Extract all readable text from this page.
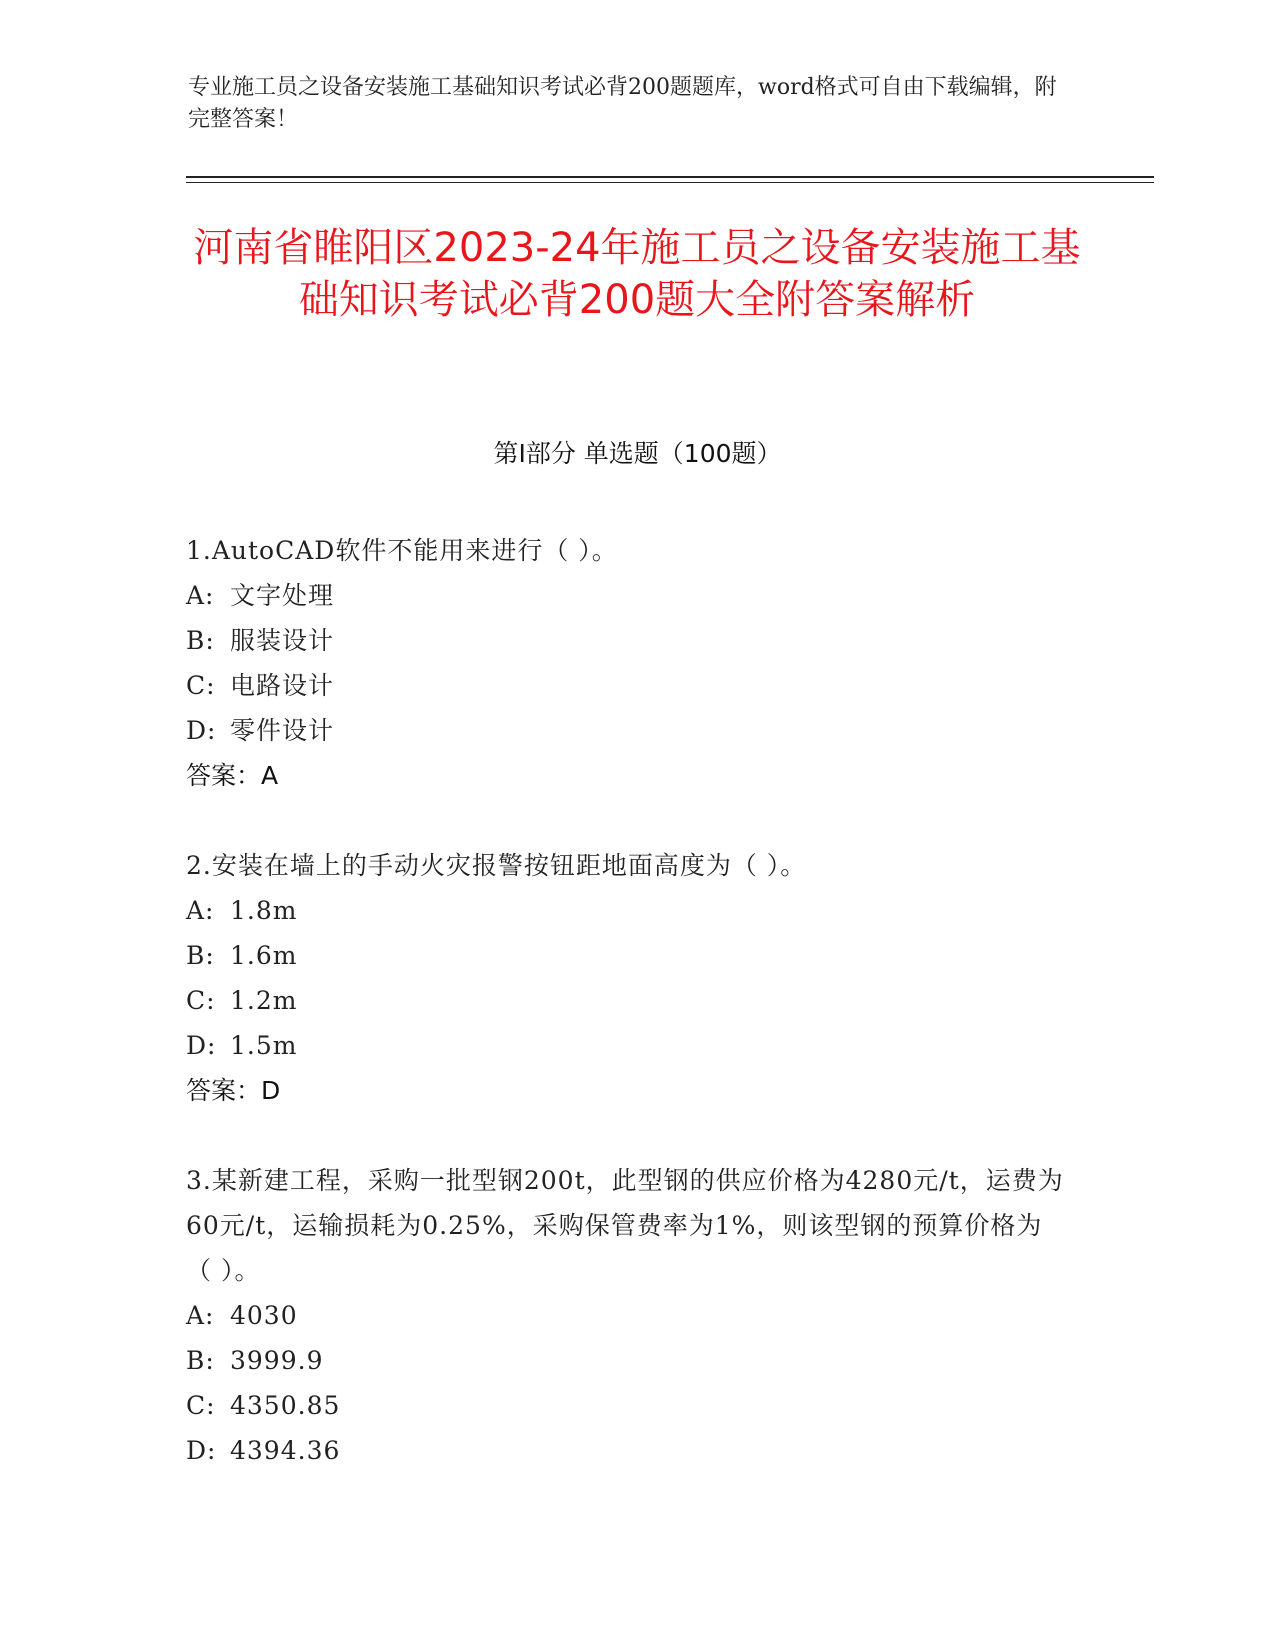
专业施工员之设备安装施工基础知识考试必背200题题库，word格式可自由下载编辑，附完整答案！
河南省睢阳区2023-24年施工员之设备安装施工基础知识考试必背200题大全附答案解析
第Ⅰ部分 单选题（100题）
1.AutoCAD软件不能用来进行（ ）。
A: 文字处理
B: 服装设计
C: 电路设计
D: 零件设计
答案：A
2.安装在墙上的手动火灾报警按钮距地面高度为（ ）。
A: 1.8m
B: 1.6m
C: 1.2m
D: 1.5m
答案：D
3.某新建工程，采购一批型钢200t，此型钢的供应价格为4280元/t，运费为60元/t，运输损耗为0.25%，采购保管费率为1%，则该型钢的预算价格为（ ）。
A: 4030
B: 3999.9
C: 4350.85
D: 4394.36
